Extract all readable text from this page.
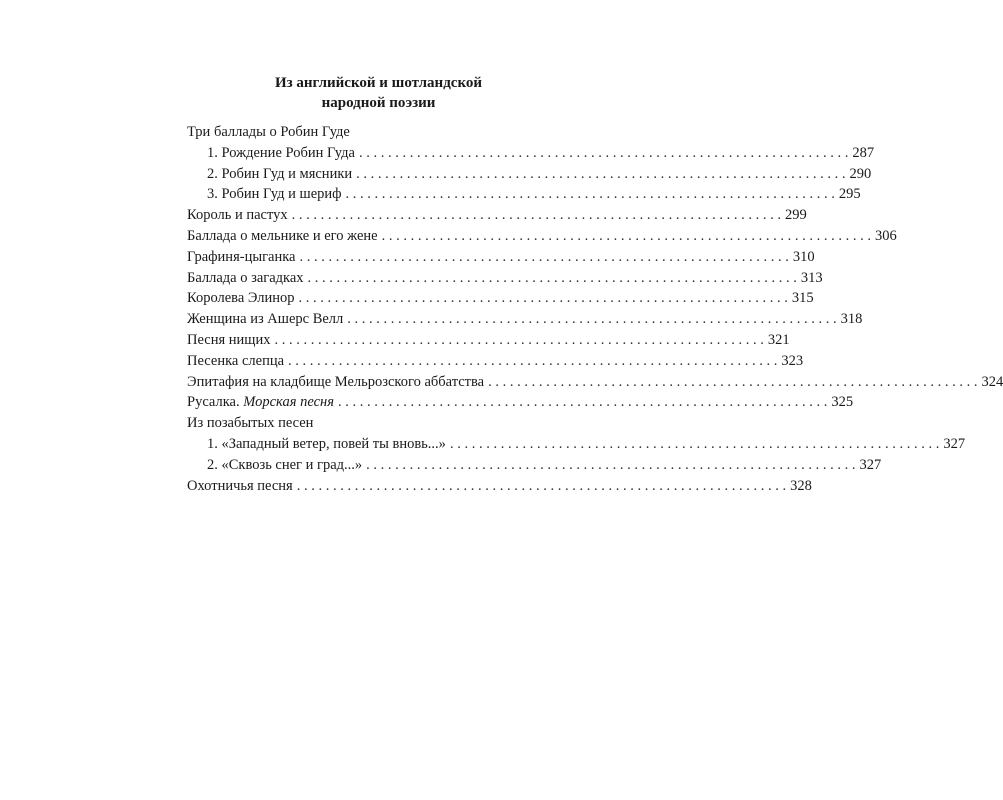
Из английской и шотландской
народной поэзии
Три баллады о Робин Гуде
1. Рождение Робин Гуда . . .	287
2. Робин Гуд и мясники . . .	290
3. Робин Гуд и шериф . . .	295
Король и пастух . . .	299
Баллада о мельнике и его жене . . .	306
Графиня-цыганка . . .	310
Баллада о загадках . . .	313
Королева Элинор . . .	315
Женщина из Ашерс Велл . . .	318
Песня нищих . . .	321
Песенка слепца . . .	323
Эпитафия на кладбище Мельрозского аббатства . . .	324
Русалка. Морская песня . . .	325
Из позабытых песен
1. «Западный ветер, повей ты вновь...» . . .	327
2. «Сквозь снег и град...» . . .	327
Охотничья песня . . .	328
